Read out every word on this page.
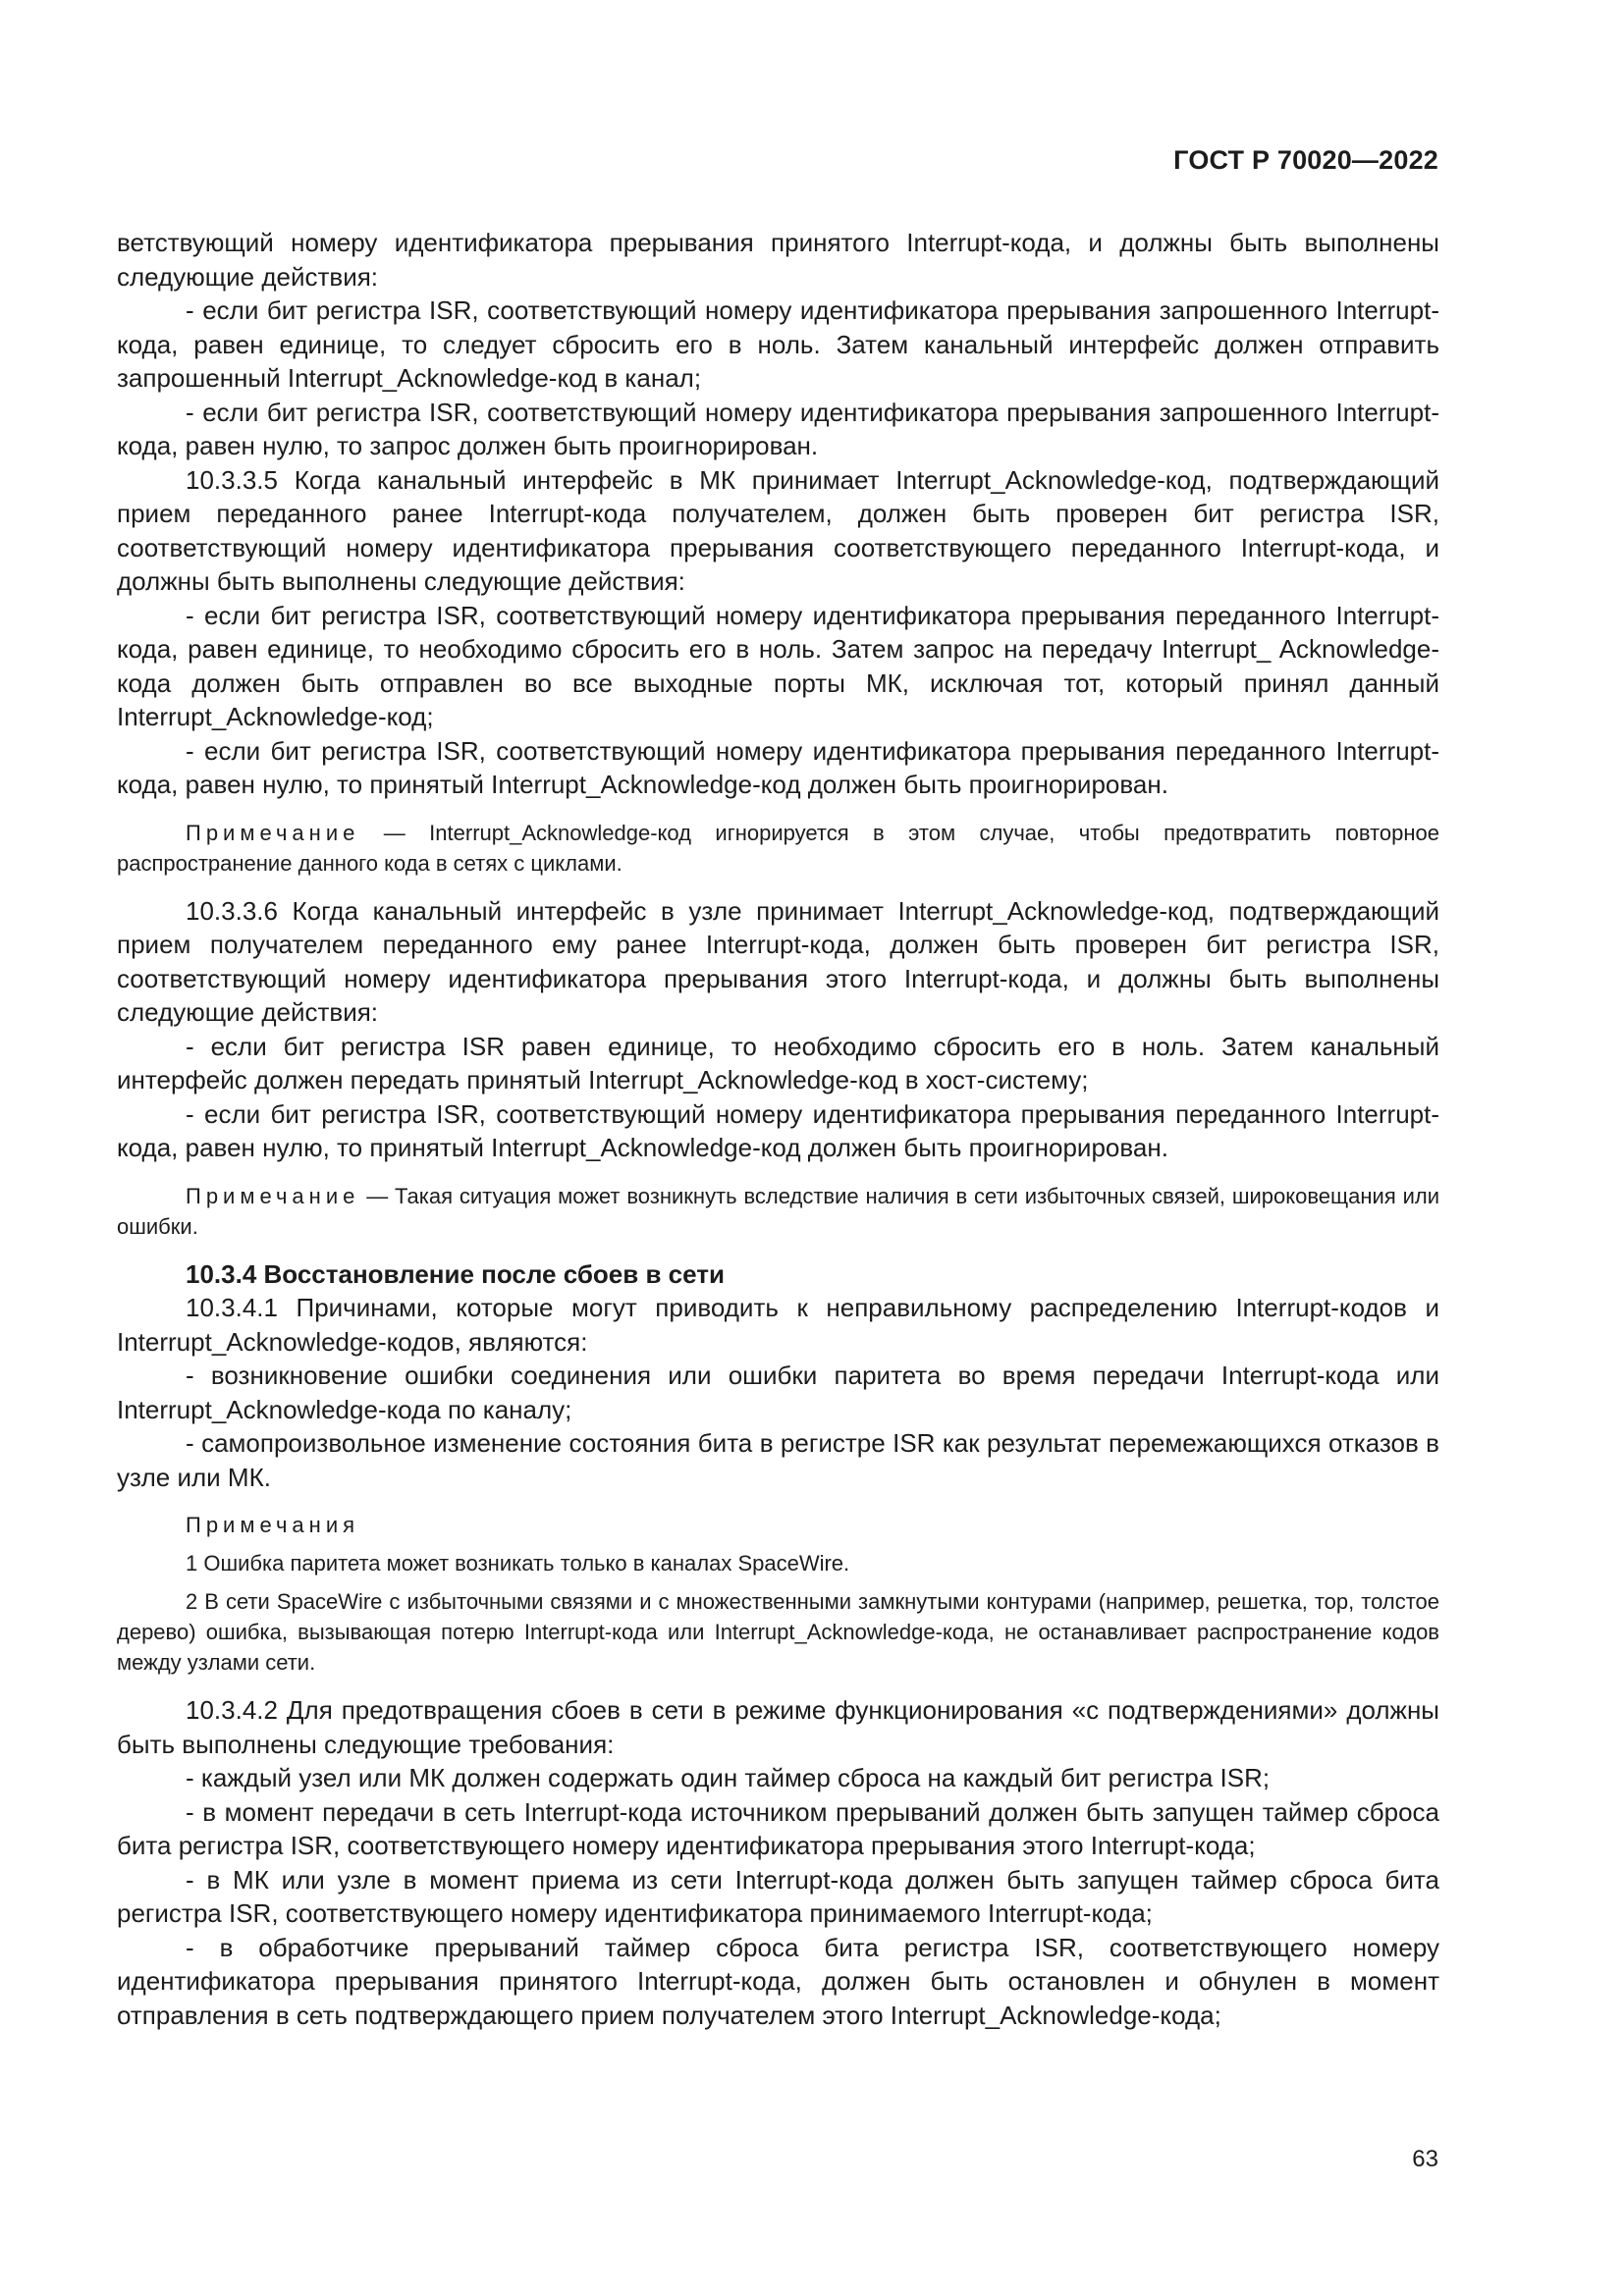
ГОСТ Р 70020—2022

ветствующий номеру идентификатора прерывания принятого Interrupt-кода, и должны быть выполнены следующие действия:

- если бит регистра ISR, соответствующий номеру идентификатора прерывания запрошенного Interrupt-кода, равен единице, то следует сбросить его в ноль. Затем канальный интерфейс должен отправить запрошенный Interrupt_Acknowledge-код в канал;

- если бит регистра ISR, соответствующий номеру идентификатора прерывания запрошенного Interrupt-кода, равен нулю, то запрос должен быть проигнорирован.

10.3.3.5 Когда канальный интерфейс в МК принимает Interrupt_Acknowledge-код, подтверждающий прием переданного ранее Interrupt-кода получателем, должен быть проверен бит регистра ISR, соответствующий номеру идентификатора прерывания соответствующего переданного Interrupt-кода, и должны быть выполнены следующие действия:

- если бит регистра ISR, соответствующий номеру идентификатора прерывания переданного Interrupt-кода, равен единице, то необходимо сбросить его в ноль. Затем запрос на передачу Interrupt_ Acknowledge-кода должен быть отправлен во все выходные порты МК, исключая тот, который принял данный Interrupt_Acknowledge-код;

- если бит регистра ISR, соответствующий номеру идентификатора прерывания переданного Interrupt-кода, равен нулю, то принятый Interrupt_Acknowledge-код должен быть проигнорирован.

Примечание — Interrupt_Acknowledge-код игнорируется в этом случае, чтобы предотвратить повторное распространение данного кода в сетях с циклами.

10.3.3.6 Когда канальный интерфейс в узле принимает Interrupt_Acknowledge-код, подтверждающий прием получателем переданного ему ранее Interrupt-кода, должен быть проверен бит регистра ISR, соответствующий номеру идентификатора прерывания этого Interrupt-кода, и должны быть выполнены следующие действия:

- если бит регистра ISR равен единице, то необходимо сбросить его в ноль. Затем канальный интерфейс должен передать принятый Interrupt_Acknowledge-код в хост-систему;

- если бит регистра ISR, соответствующий номеру идентификатора прерывания переданного Interrupt-кода, равен нулю, то принятый Interrupt_Acknowledge-код должен быть проигнорирован.

Примечание — Такая ситуация может возникнуть вследствие наличия в сети избыточных связей, широковещания или ошибки.

10.3.4 Восстановление после сбоев в сети

10.3.4.1 Причинами, которые могут приводить к неправильному распределению Interrupt-кодов и Interrupt_Acknowledge-кодов, являются:

- возникновение ошибки соединения или ошибки паритета во время передачи Interrupt-кода или Interrupt_Acknowledge-кода по каналу;

- самопроизвольное изменение состояния бита в регистре ISR как результат перемежающихся отказов в узле или МК.

Примечания

1 Ошибка паритета может возникать только в каналах SpaceWire.

2 В сети SpaceWire с избыточными связями и с множественными замкнутыми контурами (например, решетка, тор, толстое дерево) ошибка, вызывающая потерю Interrupt-кода или Interrupt_Acknowledge-кода, не останавливает распространение кодов между узлами сети.

10.3.4.2 Для предотвращения сбоев в сети в режиме функционирования «с подтверждениями» должны быть выполнены следующие требования:

- каждый узел или МК должен содержать один таймер сброса на каждый бит регистра ISR;

- в момент передачи в сеть Interrupt-кода источником прерываний должен быть запущен таймер сброса бита регистра ISR, соответствующего номеру идентификатора прерывания этого Interrupt-кода;

- в МК или узле в момент приема из сети Interrupt-кода должен быть запущен таймер сброса бита регистра ISR, соответствующего номеру идентификатора принимаемого Interrupt-кода;

- в обработчике прерываний таймер сброса бита регистра ISR, соответствующего номеру идентификатора прерывания принятого Interrupt-кода, должен быть остановлен и обнулен в момент отправления в сеть подтверждающего прием получателем этого Interrupt_Acknowledge-кода;

63
